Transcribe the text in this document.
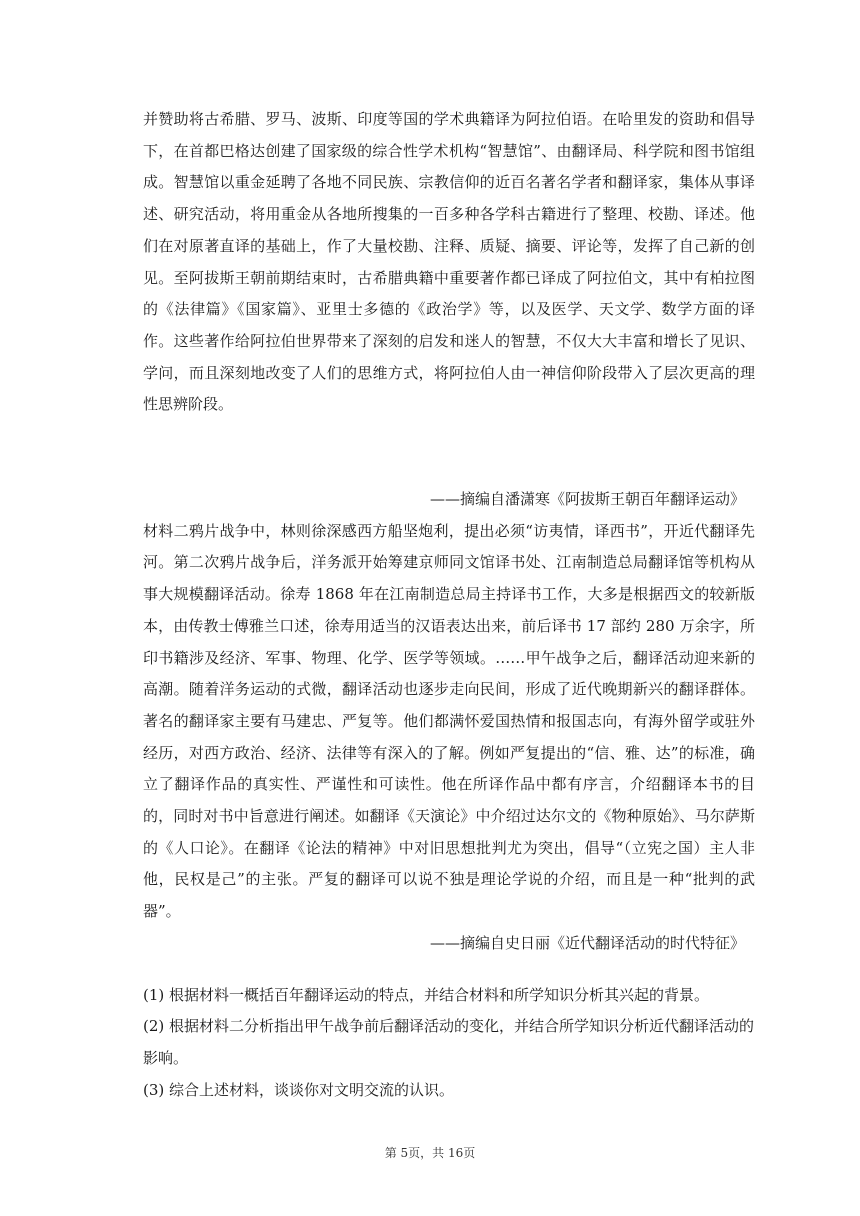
并赞助将古希腊、罗马、波斯、印度等国的学术典籍译为阿拉伯语。在哈里发的资助和倡导下，在首都巴格达创建了国家级的综合性学术机构“智慧馆”、由翻译局、科学院和图书馆组成。智慧馆以重金延聘了各地不同民族、宗教信仰的近百名著名学者和翻译家，集体从事译述、研究活动，将用重金从各地所搜集的一百多种各学科古籍进行了整理、校勘、译述。他们在对原著直译的基础上，作了大量校勘、注释、质疑、摘要、评论等，发挥了自己新的创见。至阿拔斯王朝前期结束时，古希腊典籍中重要著作都已译成了阿拉伯文，其中有柏拉图的《法律篇》《国家篇》、亚里士多德的《政治学》等，以及医学、天文学、数学方面的译作。这些著作给阿拉伯世界带来了深刻的启发和迷人的智慧，不仅大大丰富和增长了见识、学问，而且深刻地改变了人们的思维方式，将阿拉伯人由一神信仰阶段带入了层次更高的理性思辨阶段。

——摘编自潘潇寒《阿拔斯王朝百年翻译运动》

材料二鸦片战争中，林则徐深感西方船坚炮利，提出必须“访夷情，译西书”，开近代翻译先河。第二次鸦片战争后，洋务派开始筹建京师同文馆译书处、江南制造总局翻译馆等机构从事大规模翻译活动。徐寿 1868 年在江南制造总局主持译书工作，大多是根据西文的较新版本，由传教士傅雅兰口述，徐寿用适当的汉语表达出来，前后译书 17 部约 280 万余字，所印书籍涉及经济、军事、物理、化学、医学等领域。……甲午战争之后，翻译活动迎来新的高潮。随着洋务运动的式微，翻译活动也逐步走向民间，形成了近代晚期新兴的翻译群体。著名的翻译家主要有马建忠、严复等。他们都满怀爱国热情和报国志向，有海外留学或驻外经历，对西方政治、经济、法律等有深入的了解。例如严复提出的“信、雅、达”的标准，确立了翻译作品的真实性、严谨性和可读性。他在所译作品中都有序言，介绍翻译本书的目的，同时对书中旨意进行阐述。如翻译《天演论》中介绍过达尔文的《物种原始》、马尔萨斯的《人口论》。在翻译《论法的精神》中对旧思想批判尤为突出，倡导“（立宪之国）主人非他，民权是己”的主张。严复的翻译可以说不独是理论学说的介绍，而且是一种“批判的武器”。

——摘编自史日丽《近代翻译活动的时代特征》

(1) 根据材料一概括百年翻译运动的特点，并结合材料和所学知识分析其兴起的背景。

(2) 根据材料二分析指出甲午战争前后翻译活动的变化，并结合所学知识分析近代翻译活动的影响。

(3) 综合上述材料，谈谈你对文明交流的认识。

第 5页，共 16页
